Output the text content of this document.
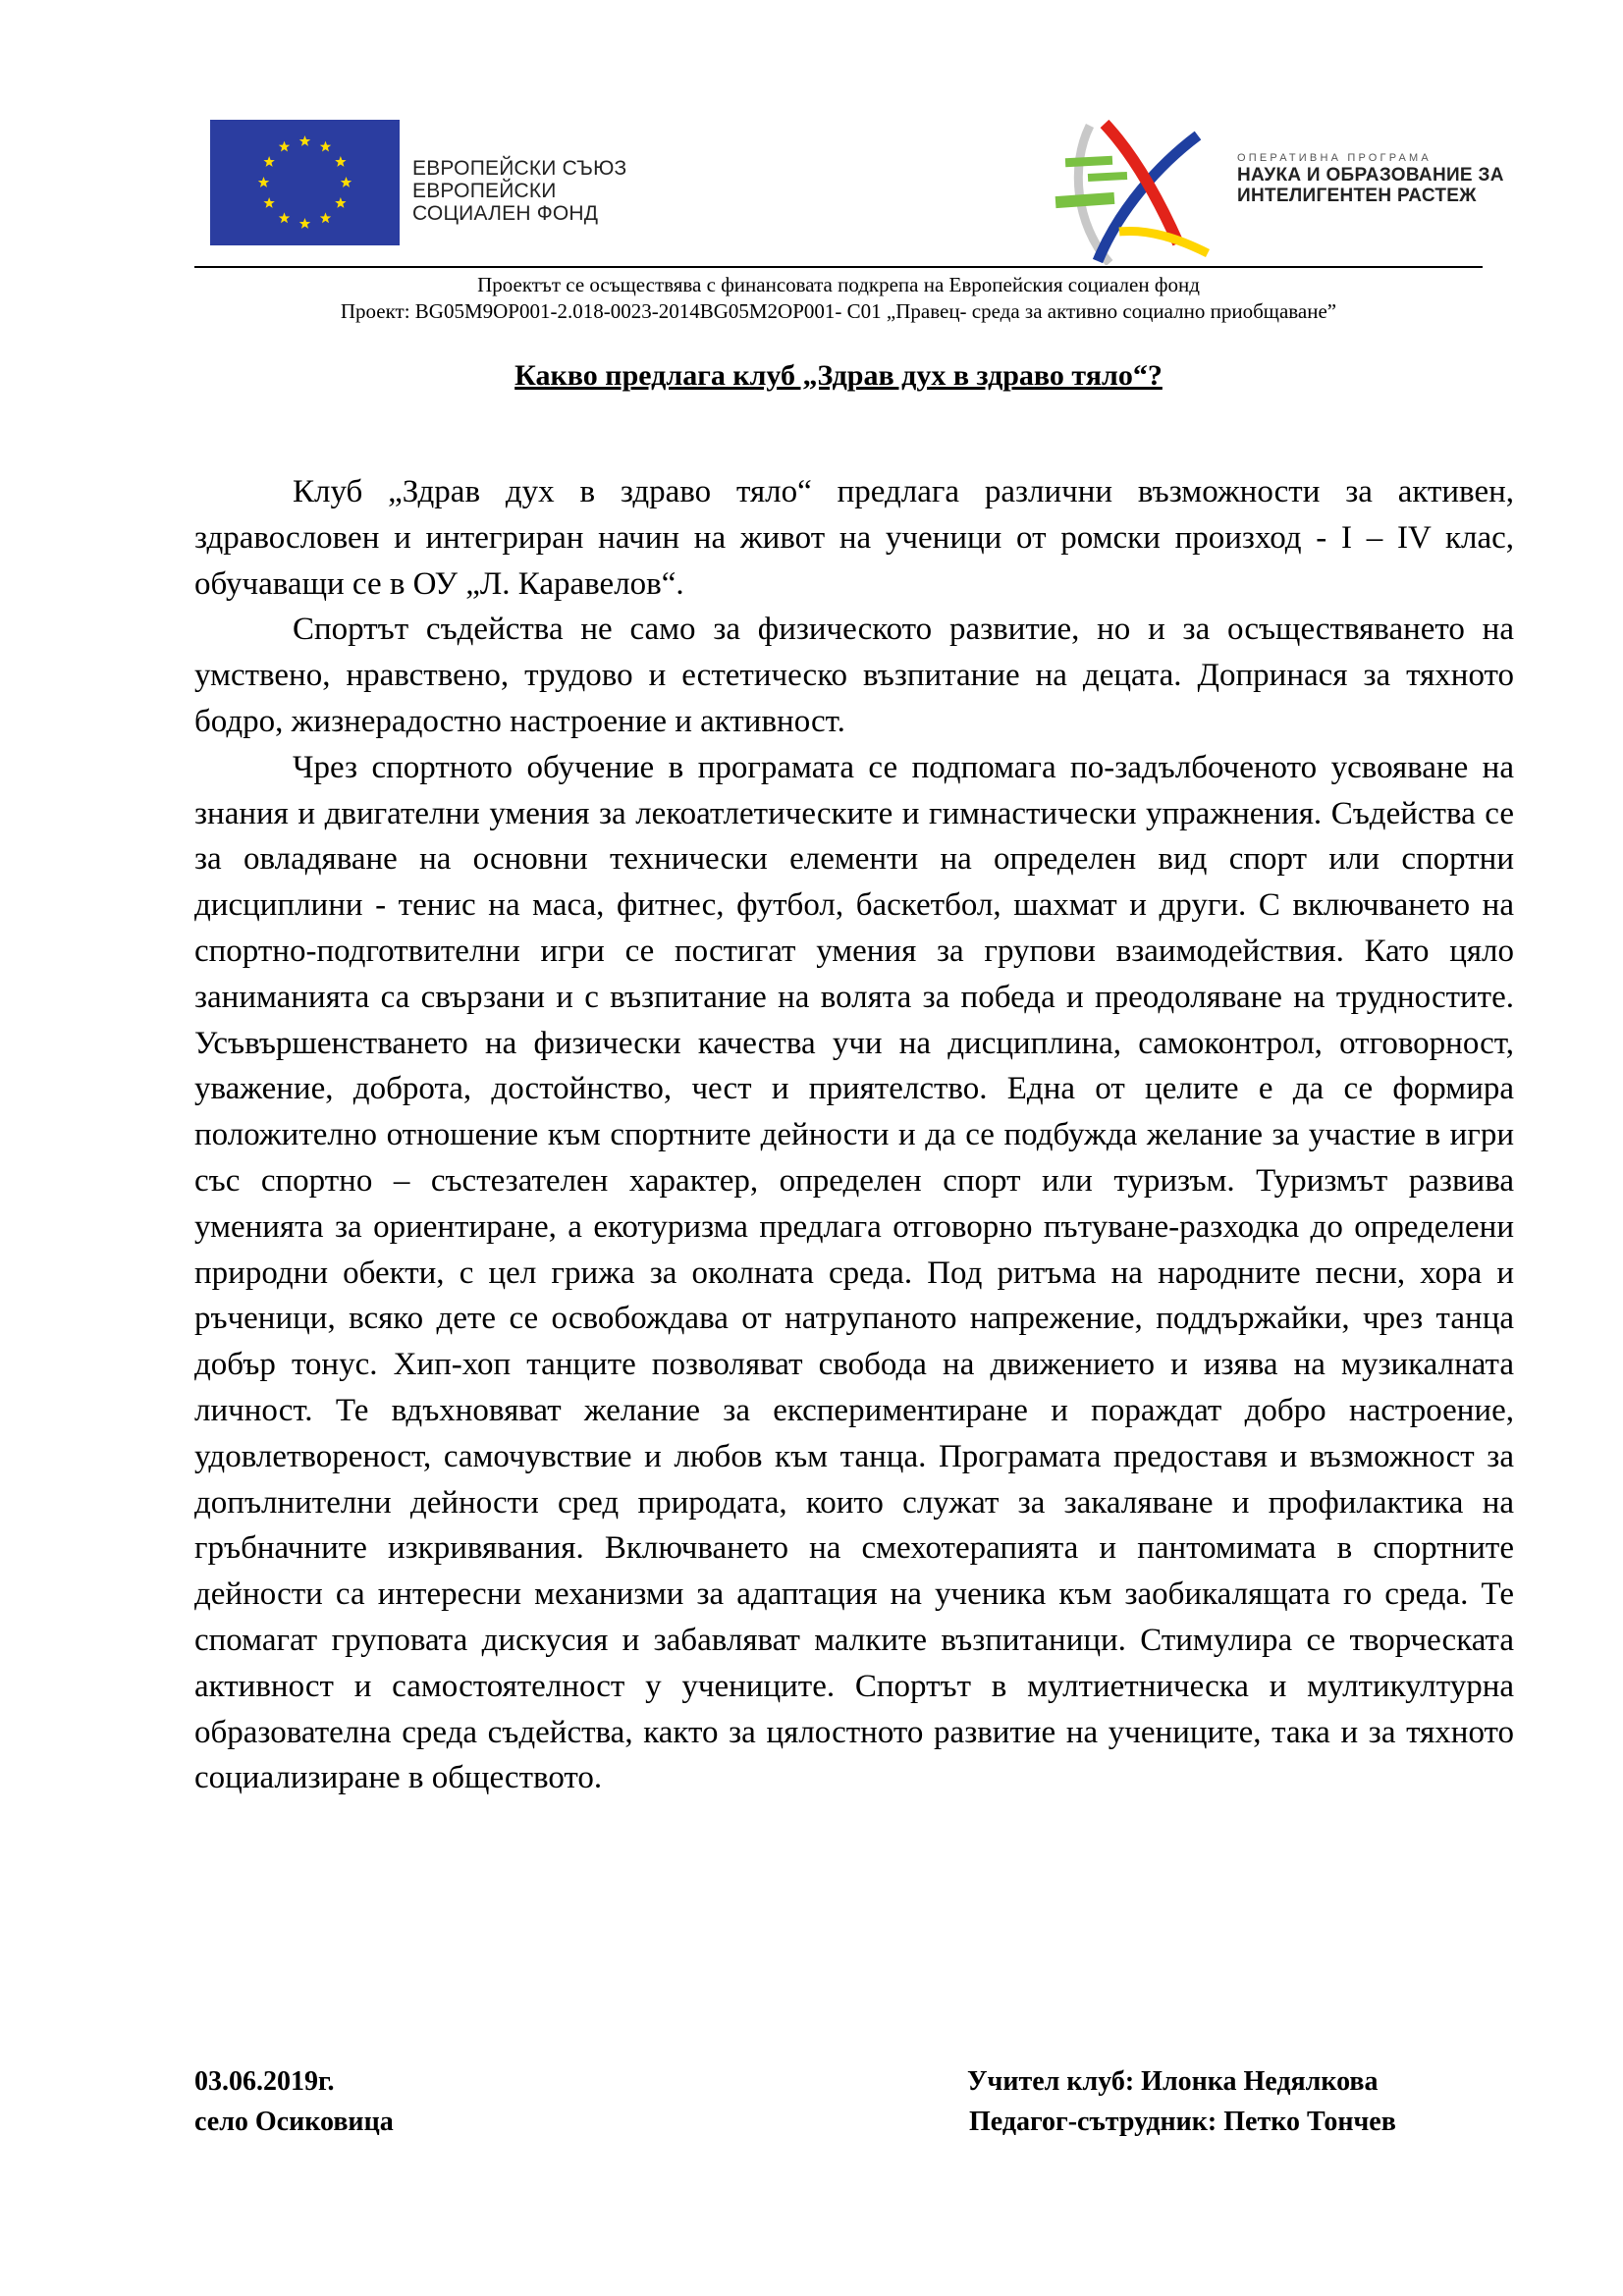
ЕВРОПЕЙСКИ СЪЮЗ
ЕВРОПЕЙСКИ
СОЦИАЛЕН ФОНД
ОПЕРАТИВНА ПРОГРАМА
НАУКА И ОБРАЗОВАНИЕ ЗА
ИНТЕЛИГЕНТЕН РАСТЕЖ
Проектът се осъществява с финансовата подкрепа на Европейския социален фонд
Проект: BG05M9OP001-2.018-0023-2014BG05M2OP001- C01 „Правец- среда за активно социално приобщаване”
Какво предлага клуб „Здрав дух в здраво тяло“?

Клуб „Здрав дух в здраво тяло“ предлага различни възможности за активен, здравословен и интегриран начин на живот на ученици от ромски произход - I – IV клас, обучаващи се в ОУ „Л. Каравелов“.

Спортът съдейства не само за физическото развитие, но и за осъществяването на умствено, нравствено, трудово и естетическо възпитание на децата. Допринася за тяхното бодро, жизнерадостно настроение и активност.

Чрез спортното обучение в програмата се подпомага по-задълбоченото усвояване на знания и двигателни умения за лекоатлетическите и гимнастически упражнения. Съдейства се за овладяване на основни технически елементи на определен вид спорт или спортни дисциплини - тенис на маса, фитнес, футбол, баскетбол, шахмат и други. С включването на спортно-подготвителни игри се постигат умения за групови взаимодействия. Като цяло заниманията са свързани и с възпитание на волята за победа и преодоляване на трудностите. Усъвършенстването на физически качества учи на дисциплина, самоконтрол, отговорност, уважение, доброта, достойнство, чест и приятелство. Една от целите е да се формира положително отношение към спортните дейности и да се подбужда желание за участие в игри със спортно – състезателен характер, определен спорт или туризъм. Туризмът развива уменията за ориентиране, а екотуризма предлага отговорно пътуване-разходка до определени природни обекти, с цел грижа за околната среда. Под ритъма на народните песни, хора и ръченици, всяко дете се освобождава от натрупаното напрежение, поддържайки, чрез танца добър тонус. Хип-хоп танците позволяват свобода на движението и изява на музикалната личност. Те вдъхновяват желание за експериментиране и пораждат добро настроение, удовлетвореност, самочувствие и любов към танца. Програмата предоставя и възможност за допълнителни дейности сред природата, които служат за закаляване и профилактика на гръбначните изкривявания. Включването на смехотерапията и пантомимата в спортните дейности са интересни механизми за адаптация на ученика към заобикалящата го среда. Те спомагат груповата дискусия и забавляват малките възпитаници. Стимулира се творческата активност и самостоятелност у учениците. Спортът в мултиетническа и мултикултурна образователна среда съдейства, както за цялостното развитие на учениците, така и за тяхното социализиране в обществото.

03.06.2019г.
село Осиковица
Учител клуб: Илонка Недялкова
Педагог-сътрудник: Петко Тончев
